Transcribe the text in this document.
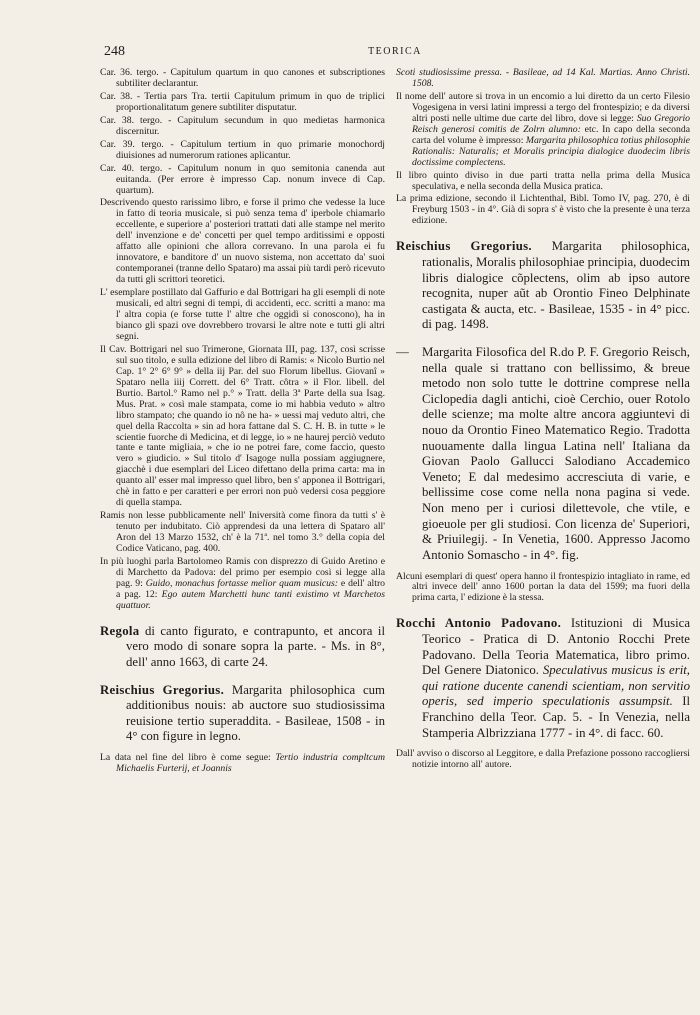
248	TEORICA

Car. 36. tergo. - Capitulum quartum in quo canones et subscriptiones subtiliter declarantur.

Car. 38. - Tertia pars Tra. tertii Capitulum primum in quo de triplici proportionalitatum genere subtiliter disputatur.

Car. 38. tergo. - Capitulum secundum in quo medietas harmonica discernitur.

Car. 39. tergo. - Capitulum tertium in quo primarie monochordj diuisiones ad numerorum rationes aplicantur.

Car. 40. tergo. - Capitulum nonum in quo semitonia canenda aut euitanda. (Per errore è impresso Cap. nonum invece di Cap. quartum).

Descrivendo questo rarissimo libro, e forse il primo che vedesse la luce in fatto di teoria musicale, si può senza tema d' iperbole chiamarlo eccellente, e superiore a' posteriori trattati dati alle stampe nel merito dell' invenzione e de' concetti per quel tempo arditissimi e opposti affatto alle opinioni che allora correvano. In una parola ei fu innovatore, e banditore d' un nuovo sistema, non accettato da' suoi contemporanei (tranne dello Spataro) ma assai più tardi però ricevuto da tutti gli scrittori teoretici.

L' esemplare postillato dal Gaffurio e dal Bottrigari ha gli esempli di note musicali, ed altri segni di tempi, di accidenti, ecc. scritti a mano: ma l' altra copia (e forse tutte l' altre che oggidì si conoscono), ha in bianco gli spazi ove dovrebbero trovarsi le altre note e tutti gli altri segni.

Il Cav. Bottrigari nel suo Trimerone, Giornata III, pag. 137, così scrisse sul suo titolo, e sulla edizione del libro di Ramis: « Nicolo Burtio nel Cap. 1° 2° 6° 9° » della iij Par. del suo Florum libellus. Giovanî » Spataro nella iiij Corrett. del 6° Tratt. côtra » il Flor. libell. del Burtio. Bartol.° Ramo nel p.° » Tratt. della 3ª Parte della sua Isag. Mus. Prat. » così male stampata, come io mi habbia veduto » altro libro stampato; che quando io nô ne ha- » uessi maj veduto altri, che quel della Raccolta » sin ad hora fattane dal S. C. H. B. in tutte » le scientie fuorche di Medicina, et di legge, io » ne haurej perciò veduto tante e tante migliaia, » che io ne potrei fare, come faccio, questo vero » giudicio. » Sul titolo d' Isagoge nulla possiam aggiugnere, giacchè i due esemplari del Liceo difettano della prima carta: ma in quanto all' esser mal impresso quel libro, ben s' apponea il Bottrigari, chè in fatto e per caratteri e per errori non può vedersi cosa peggiore di quella stampa.

Ramis non lesse pubblicamente nell' Iniversità come finora da tutti s' è tenuto per indubitato. Ciò apprendesi da una lettera di Spataro all' Aron del 13 Marzo 1532, ch' è la 71ª. nel tomo 3.° della copia del Codice Vaticano, pag. 400.

In più luoghi parla Bartolomeo Ramis con disprezzo di Guido Aretino e di Marchetto da Padova: del primo per esempio così si legge alla pag. 9: Guido, monachus fortasse melior quam musicus: e dell' altro a pag. 12: Ego autem Marchetti hunc tanti existimo vt Marchetos quattuor.

Regola di canto figurato, e contrapunto, et ancora il vero modo di sonare sopra la parte. - Ms. in 8°, dell' anno 1663, di carte 24.

Reischius Gregorius. Margarita philosophica cum additionibus nouis: ab auctore suo studiosissima reuisione tertio superaddita. - Basileae, 1508 - in 4° con figure in legno.

La data nel fine del libro è come segue: Tertio industria compltcum Michaelis Furterij, et Joannis

Scoti studiosissime pressa. - Basileae, ad 14 Kal. Martias. Anno Christi. 1508.

Il nome dell' autore si trova in un encomio a lui diretto da un certo Filesio Vogesigena in versi latini impressi a tergo del frontespizio; e da diversi altri posti nelle ultime due carte del libro, dove si legge: Suo Gregorio Reisch generosi comitis de Zolrn alumno: etc. In capo della seconda carta del volume è impresso: Margarita philosophica totius philosophie Rationalis: Naturalis; et Moralis principia dialogice duodecim libris doctissime complectens.

Il libro quinto diviso in due parti tratta nella prima della Musica speculativa, e nella seconda della Musica pratica.

La prima edizione, secondo il Lichtenthal, Bibl. Tomo IV, pag. 270, è di Freyburg 1503 - in 4°. Già di sopra s' è visto che la presente è una terza edizione.

Reischius Gregorius. Margarita philosophica, rationalis, Moralis philosophiae principia, duodecim libris dialogice cõplectens, olim ab ipso autore recognita, nuper aũt ab Orontio Fineo Delphinate castigata & aucta, etc. - Basileae, 1535 - in 4° picc. di pag. 1498.

— Margarita Filosofica del R.do P. F. Gregorio Reisch, nella quale si trattano con bellissimo, & breue metodo non solo tutte le dottrine comprese nella Ciclopedia dagli antichi, cioè Cerchio, ouer Rotolo delle scienze; ma molte altre ancora aggiuntevi di nouo da Orontio Fineo Matematico Regio. Tradotta nuouamente dalla lingua Latina nell' Italiana da Giovan Paolo Gallucci Salodiano Accademico Veneto; E dal medesimo accresciuta di varie, e bellissime cose come nella nona pagina si vede. Non meno per i curiosi dilettevole, che vtile, e gioeuole per gli studiosi. Con licenza de' Superiori, & Priuilegij. - In Venetia, 1600. Appresso Jacomo Antonio Somascho - in 4°. fig.

Alcuni esemplari di quest' opera hanno il frontespizio intagliato in rame, ed altri invece dell' anno 1600 portan la data del 1599; ma fuori della prima carta, l' edizione è la stessa.

Rocchi Antonio Padovano. Istituzioni di Musica Teorico - Pratica di D. Antonio Rocchi Prete Padovano. Della Teoria Matematica, libro primo. Del Genere Diatonico. Speculativus musicus is erit, qui ratione ducente canendi scientiam, non servitio operis, sed imperio speculationis assumpsit. Il Franchino della Teor. Cap. 5. - In Venezia, nella Stamperia Albrizziana 1777 - in 4°. di facc. 60.

Dall' avviso o discorso al Leggitore, e dalla Prefazione possono raccogliersi notizie intorno all' autore.
